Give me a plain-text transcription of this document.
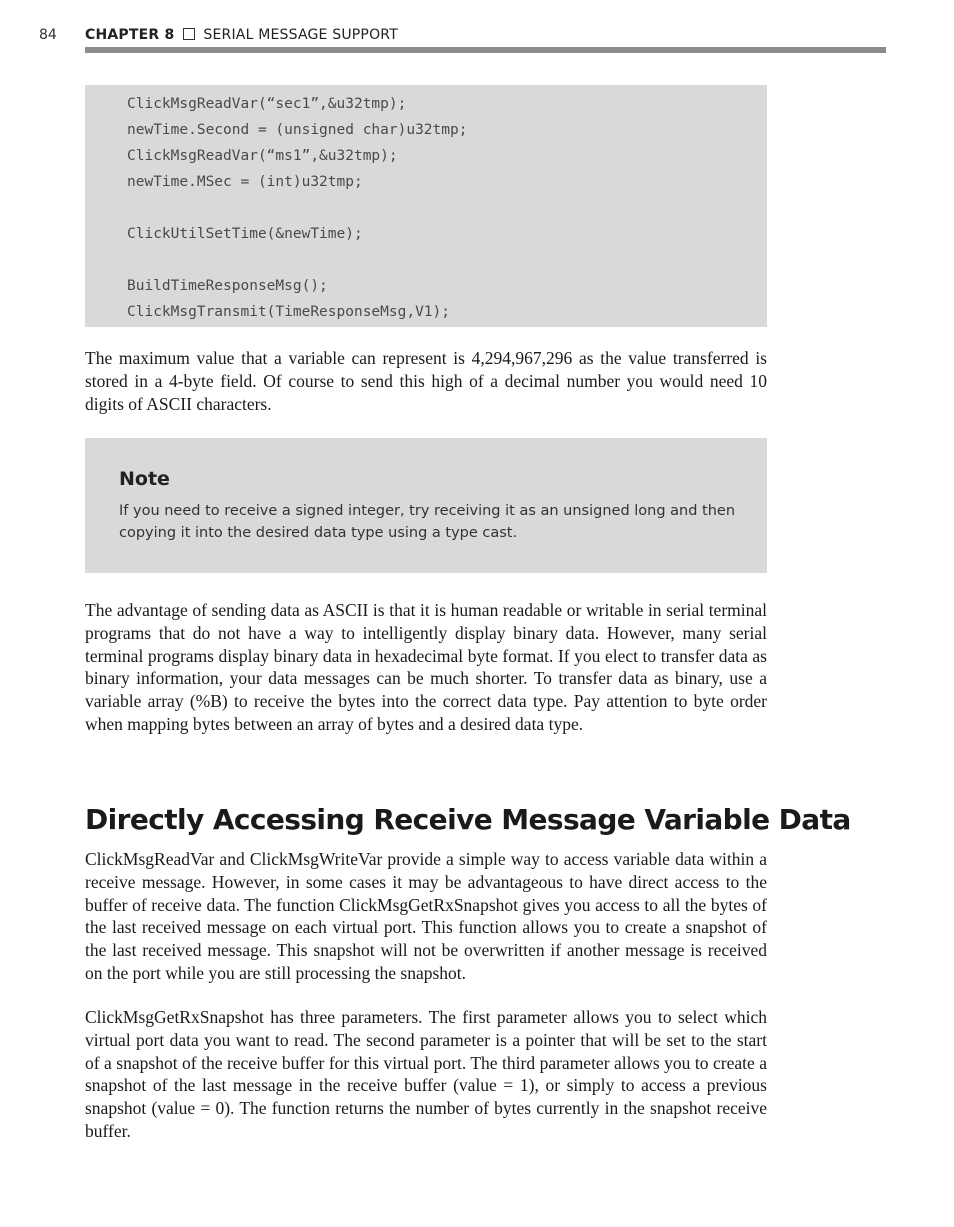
84 CHAPTER 8 SERIAL MESSAGE SUPPORT
ClickMsgReadVar(“sec1”,&u32tmp);
newTime.Second = (unsigned char)u32tmp;
ClickMsgReadVar(“ms1”,&u32tmp);
newTime.MSec = (int)u32tmp;
ClickUtilSetTime(&newTime);
BuildTimeResponseMsg();
ClickMsgTransmit(TimeResponseMsg,V1);

The maximum value that a variable can represent is 4,294,967,296 as the value transferred is stored in a 4-byte field. Of course to send this high of a decimal number you would need 10 digits of ASCII characters.

Note

If you need to receive a signed integer, try receiving it as an unsigned long and then copying it into the desired data type using a type cast.

The advantage of sending data as ASCII is that it is human readable or writable in serial terminal programs that do not have a way to intelligently display binary data. However, many serial terminal programs display binary data in hexadecimal byte format. If you elect to transfer data as binary information, your data messages can be much shorter. To transfer data as binary, use a variable array (%B) to receive the bytes into the correct data type. Pay attention to byte order when mapping bytes between an array of bytes and a desired data type.

Directly Accessing Receive Message Variable Data

ClickMsgReadVar and ClickMsgWriteVar provide a simple way to access variable data within a receive message. However, in some cases it may be advantageous to have direct access to the buffer of receive data. The function ClickMsgGetRxSnapshot gives you access to all the bytes of the last received message on each virtual port. This function allows you to create a snapshot of the last received message. This snapshot will not be overwritten if another message is received on the port while you are still processing the snapshot.

ClickMsgGetRxSnapshot has three parameters. The first parameter allows you to select which virtual port data you want to read. The second parameter is a pointer that will be set to the start of a snapshot of the receive buffer for this virtual port. The third parameter allows you to create a snapshot of the last message in the receive buffer (value = 1), or simply to access a previous snapshot (value = 0). The function returns the number of bytes currently in the snapshot receive buffer.
